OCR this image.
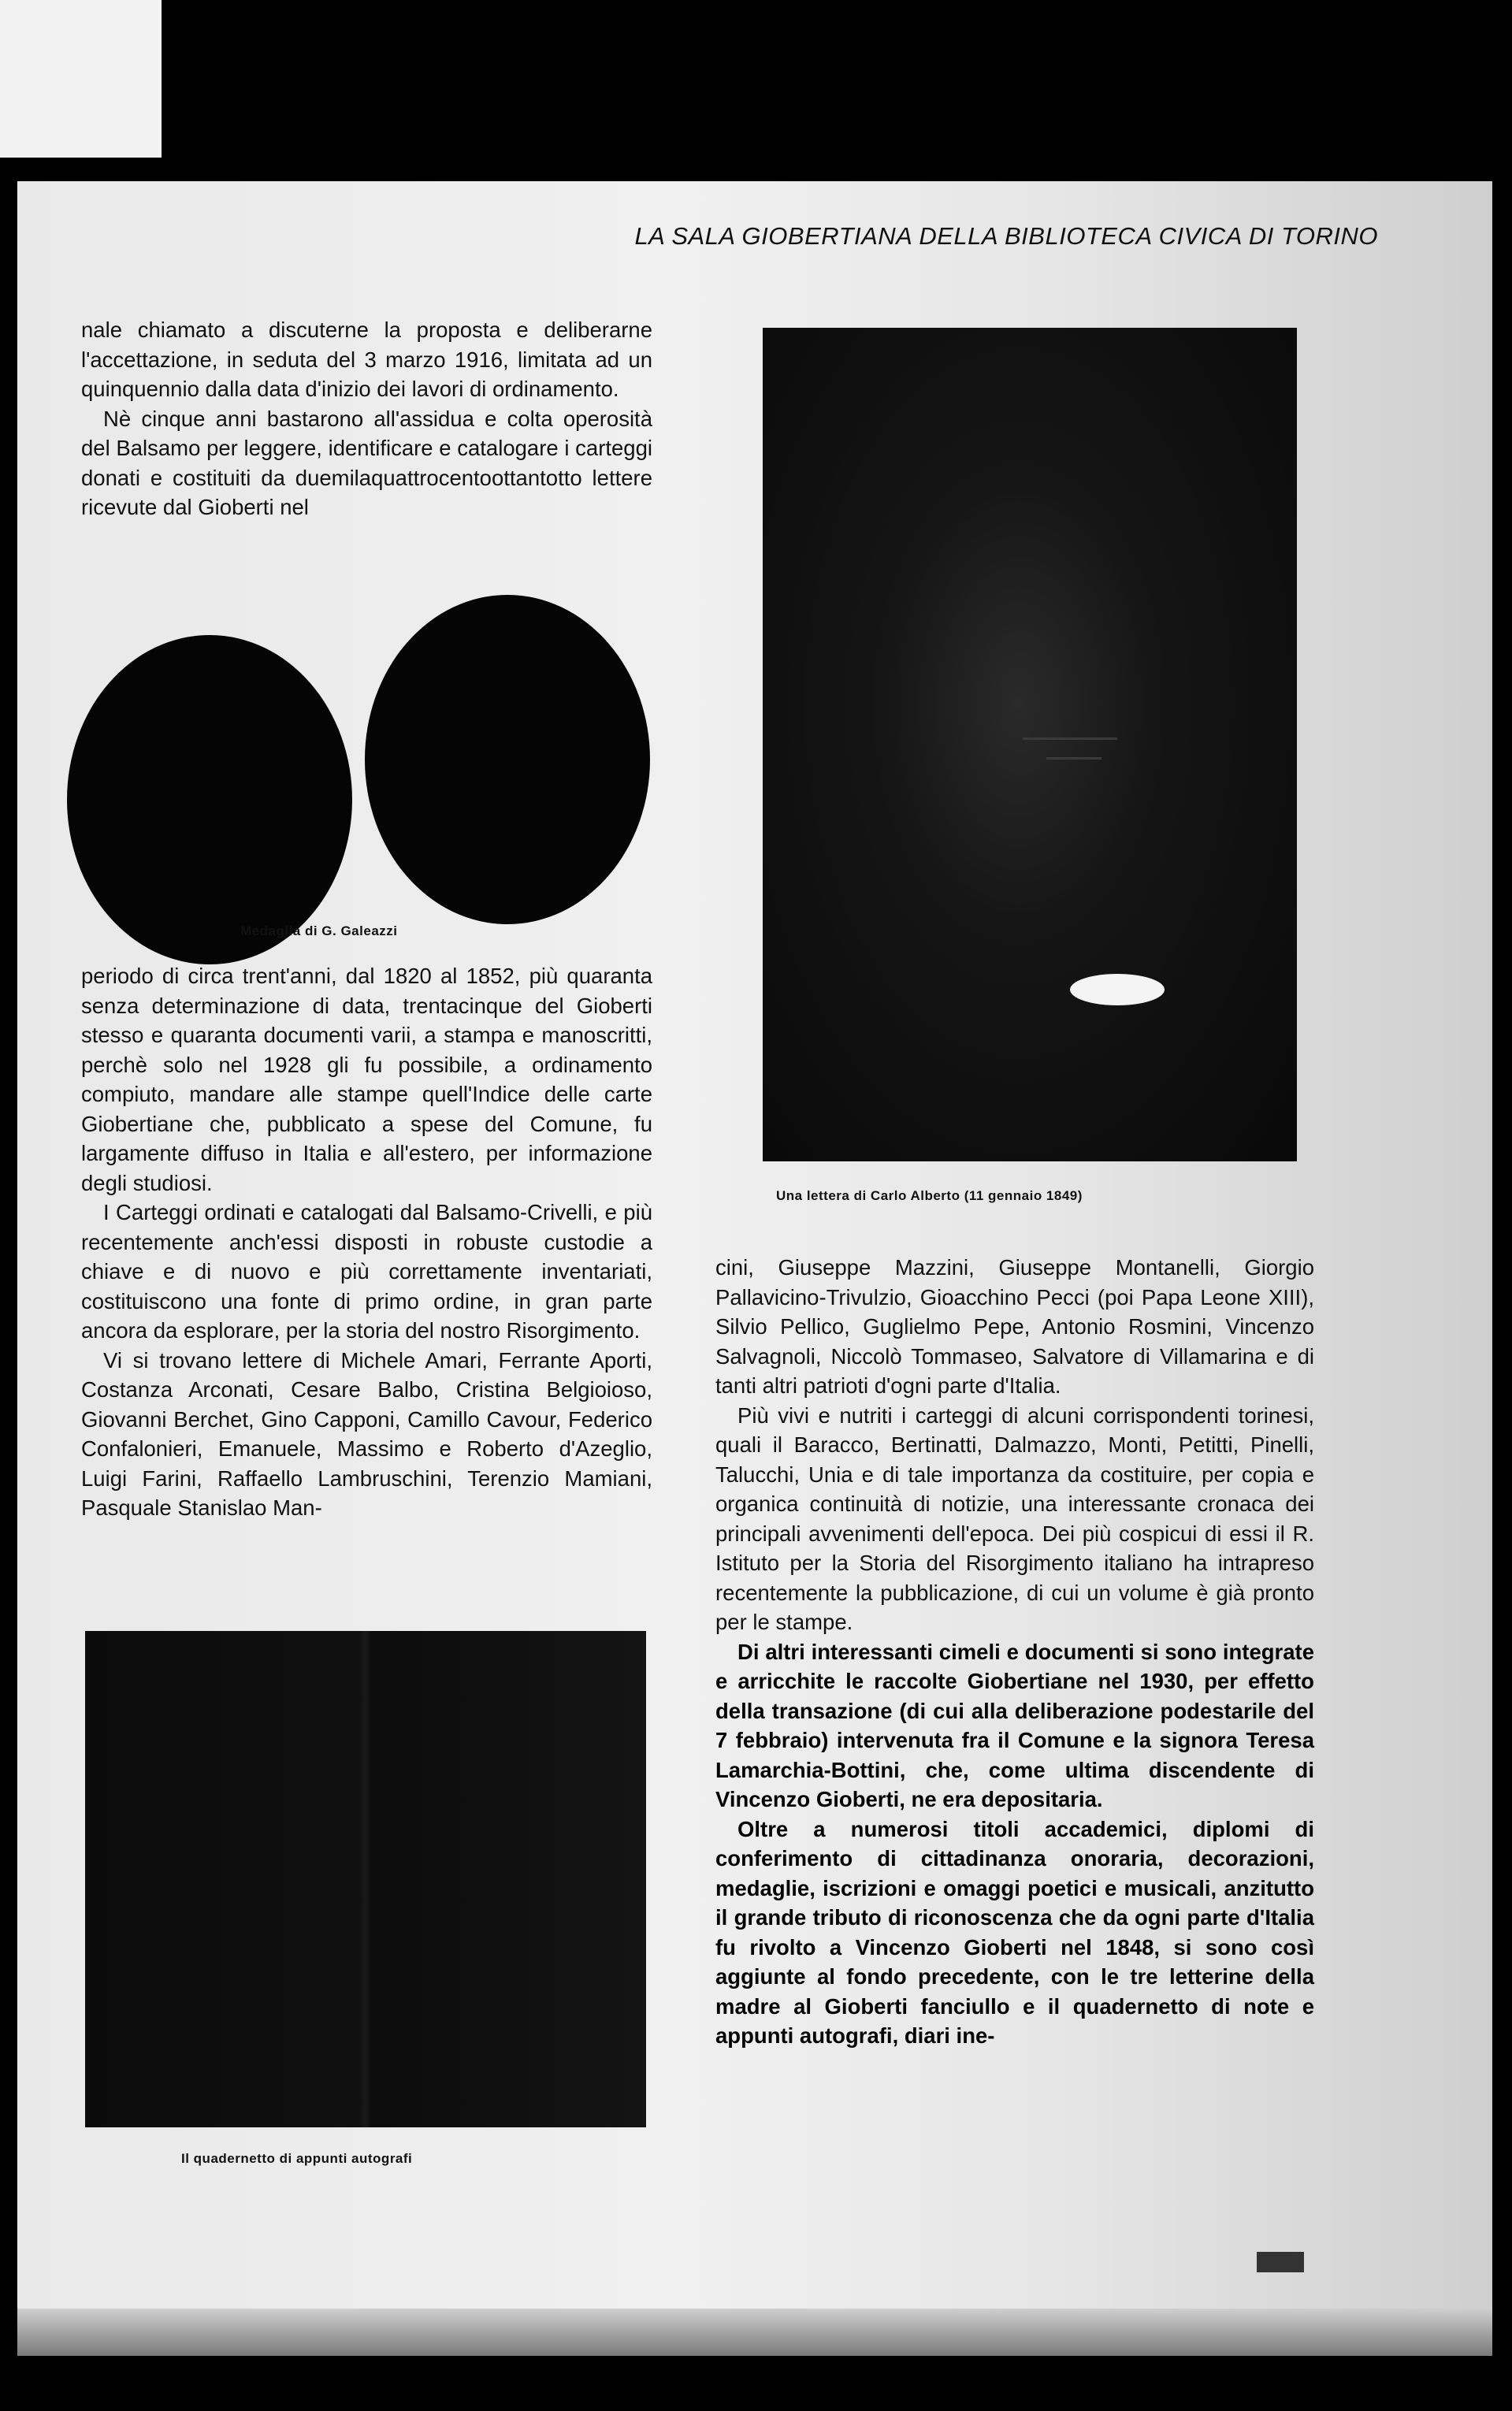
LA SALA GIOBERTIANA DELLA BIBLIOTECA CIVICA DI TORINO

nale chiamato a discuterne la proposta e deliberarne l'accettazione, in seduta del 3 marzo 1916, limitata ad un quinquennio dalla data d'inizio dei lavori di ordinamento.

Nè cinque anni bastarono all'assidua e colta operosità del Balsamo per leggere, identificare e catalogare i carteggi donati e costituiti da duemilaquattrocentoottantotto lettere ricevute dal Gioberti nel

Medaglia di G. Galeazzi

periodo di circa trent'anni, dal 1820 al 1852, più quaranta senza determinazione di data, trentacinque del Gioberti stesso e quaranta documenti varii, a stampa e manoscritti, perchè solo nel 1928 gli fu possibile, a ordinamento compiuto, mandare alle stampe quell'Indice delle carte Giobertiane che, pubblicato a spese del Comune, fu largamente diffuso in Italia e all'estero, per informazione degli studiosi.

I Carteggi ordinati e catalogati dal Balsamo-Crivelli, e più recentemente anch'essi disposti in robuste custodie a chiave e di nuovo e più correttamente inventariati, costituiscono una fonte di primo ordine, in gran parte ancora da esplorare, per la storia del nostro Risorgimento.

Vi si trovano lettere di Michele Amari, Ferrante Aporti, Costanza Arconati, Cesare Balbo, Cristina Belgioioso, Giovanni Berchet, Gino Capponi, Camillo Cavour, Federico Confalonieri, Emanuele, Massimo e Roberto d'Azeglio, Luigi Farini, Raffaello Lambruschini, Terenzio Mamiani, Pasquale Stanislao Man-

Il quadernetto di appunti autografi
Una lettera di Carlo Alberto (11 gennaio 1849)

cini, Giuseppe Mazzini, Giuseppe Montanelli, Giorgio Pallavicino-Trivulzio, Gioacchino Pecci (poi Papa Leone XIII), Silvio Pellico, Guglielmo Pepe, Antonio Rosmini, Vincenzo Salvagnoli, Niccolò Tommaseo, Salvatore di Villamarina e di tanti altri patrioti d'ogni parte d'Italia.

Più vivi e nutriti i carteggi di alcuni corrispondenti torinesi, quali il Baracco, Bertinatti, Dalmazzo, Monti, Petitti, Pinelli, Talucchi, Unia e di tale importanza da costituire, per copia e organica continuità di notizie, una interessante cronaca dei principali avvenimenti dell'epoca. Dei più cospicui di essi il R. Istituto per la Storia del Risorgimento italiano ha intrapreso recentemente la pubblicazione, di cui un volume è già pronto per le stampe.

Di altri interessanti cimeli e documenti si sono integrate e arricchite le raccolte Giobertiane nel 1930, per effetto della transazione (di cui alla deliberazione podestarile del 7 febbraio) intervenuta fra il Comune e la signora Teresa Lamarchia-Bottini, che, come ultima discendente di Vincenzo Gioberti, ne era depositaria.

Oltre a numerosi titoli accademici, diplomi di conferimento di cittadinanza onoraria, decorazioni, medaglie, iscrizioni e omaggi poetici e musicali, anzitutto il grande tributo di riconoscenza che da ogni parte d'Italia fu rivolto a Vincenzo Gioberti nel 1848, si sono così aggiunte al fondo precedente, con le tre letterine della madre al Gioberti fanciullo e il quadernetto di note e appunti autografi, diari ine-
